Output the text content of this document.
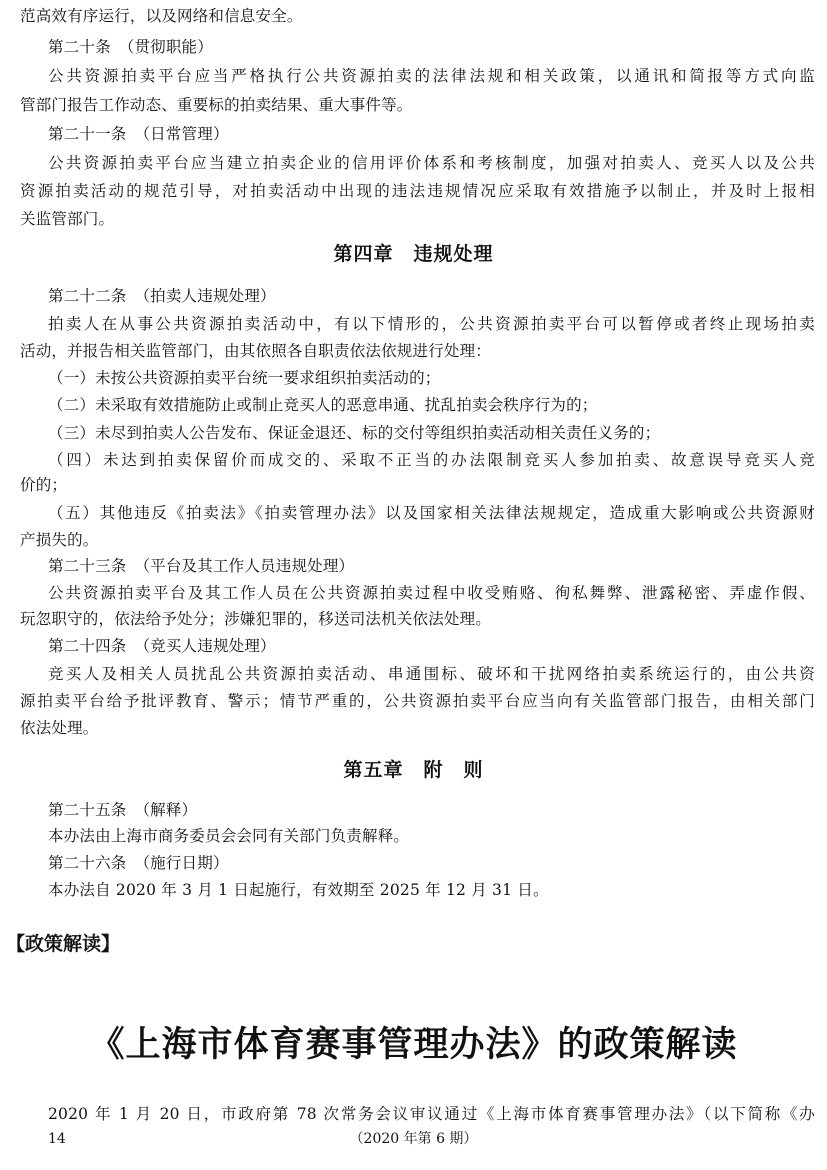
范高效有序运行，以及网络和信息安全。
第二十条　（贯彻职能）
公共资源拍卖平台应当严格执行公共资源拍卖的法律法规和相关政策，以通讯和简报等方式向监
管部门报告工作动态、重要标的拍卖结果、重大事件等。
第二十一条　（日常管理）
公共资源拍卖平台应当建立拍卖企业的信用评价体系和考核制度，加强对拍卖人、竞买人以及公共
资源拍卖活动的规范引导，对拍卖活动中出现的违法违规情况应采取有效措施予以制止，并及时上报相
关监管部门。
第四章　违规处理
第二十二条　（拍卖人违规处理）
拍卖人在从事公共资源拍卖活动中，有以下情形的，公共资源拍卖平台可以暂停或者终止现场拍卖
活动，并报告相关监管部门，由其依照各自职责依法依规进行处理：
（一）未按公共资源拍卖平台统一要求组织拍卖活动的；
（二）未采取有效措施防止或制止竞买人的恶意串通、扰乱拍卖会秩序行为的；
（三）未尽到拍卖人公告发布、保证金退还、标的交付等组织拍卖活动相关责任义务的；
（四）未达到拍卖保留价而成交的、采取不正当的办法限制竞买人参加拍卖、故意误导竞买人竞
价的；
（五）其他违反《拍卖法》《拍卖管理办法》以及国家相关法律法规规定，造成重大影响或公共资源财
产损失的。
第二十三条　（平台及其工作人员违规处理）
公共资源拍卖平台及其工作人员在公共资源拍卖过程中收受贿赂、徇私舞弊、泄露秘密、弄虚作假、
玩忽职守的，依法给予处分；涉嫌犯罪的，移送司法机关依法处理。
第二十四条　（竞买人违规处理）
竞买人及相关人员扰乱公共资源拍卖活动、串通围标、破坏和干扰网络拍卖系统运行的，由公共资
源拍卖平台给予批评教育、警示；情节严重的，公共资源拍卖平台应当向有关监管部门报告，由相关部门
依法处理。
第五章　附　则
第二十五条　（解释）
本办法由上海市商务委员会会同有关部门负责解释。
第二十六条　（施行日期）
本办法自 2020 年 3 月 1 日起施行，有效期至 2025 年 12 月 31 日。
【政策解读】
《上海市体育赛事管理办法》的政策解读
2020 年 1 月 20 日，市政府第 78 次常务会议审议通过《上海市体育赛事管理办法》（以下简称《办
14	（2020 年第 6 期）
